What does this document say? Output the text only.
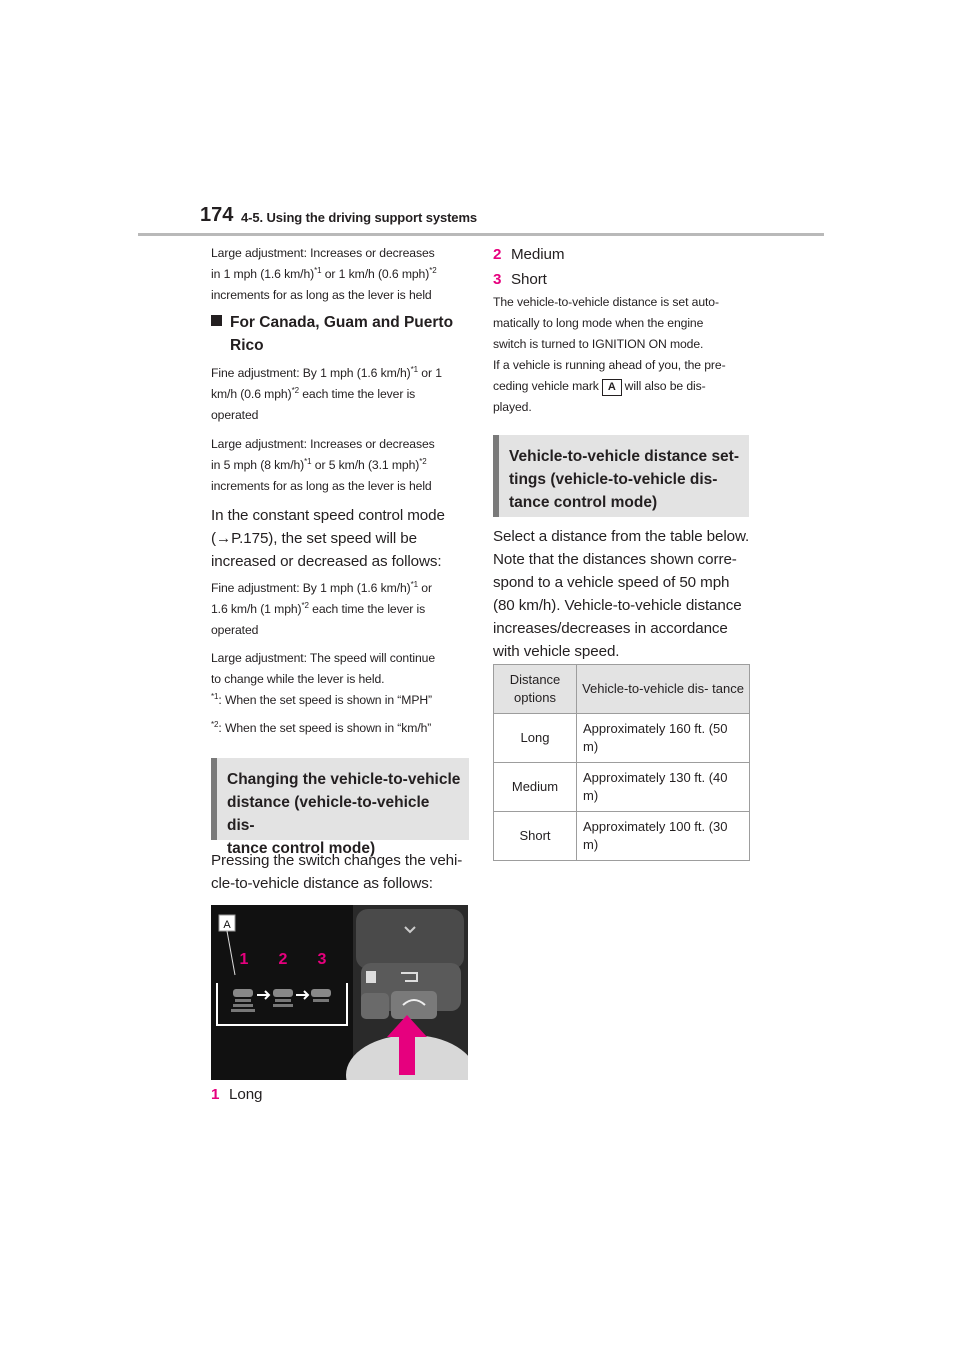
174 4-5. Using the driving support systems
Large adjustment: Increases or decreases
in 1 mph (1.6 km/h)$^{*1}$ or 1 km/h (0.6 mph)$^{*2}$
increments for as long as the lever is held
For Canada, Guam and Puerto
Rico
Fine adjustment: By 1 mph (1.6 km/h)$^{*1}$ or 1
km/h (0.6 mph)$^{*2}$ each time the lever is
operated
Large adjustment: Increases or decreases
in 5 mph (8 km/h)$^{*1}$ or 5 km/h (3.1 mph)$^{*2}$
increments for as long as the lever is held
In the constant speed control mode
(→P.175), the set speed will be
increased or decreased as follows:
Fine adjustment: By 1 mph (1.6 km/h)$^{*1}$ or
1.6 km/h (1 mph)$^{*2}$ each time the lever is
operated
Large adjustment: The speed will continue
to change while the lever is held.
$^{*1}$: When the set speed is shown in “MPH”
$^{*2}$: When the set speed is shown in “km/h”
Changing the vehicle-to-vehicle
distance (vehicle-to-vehicle dis-
tance control mode)
Pressing the switch changes the vehi-
cle-to-vehicle distance as follows:
A
1 2 3
1 Long
2 Medium
3 Short
The vehicle-to-vehicle distance is set auto-
matically to long mode when the engine
switch is turned to IGNITION ON mode.
If a vehicle is running ahead of you, the pre-
ceding vehicle mark A will also be dis-
played.
Vehicle-to-vehicle distance set-
tings (vehicle-to-vehicle dis-
tance control mode)
Select a distance from the table below.
Note that the distances shown corre-
spond to a vehicle speed of 50 mph
(80 km/h). Vehicle-to-vehicle distance
increases/decreases in accordance
with vehicle speed.
Distance options	Vehicle-to-vehicle dis- tance
Long	Approximately 160 ft. (50 m)
Medium	Approximately 130 ft. (40 m)
Short	Approximately 100 ft. (30 m)
